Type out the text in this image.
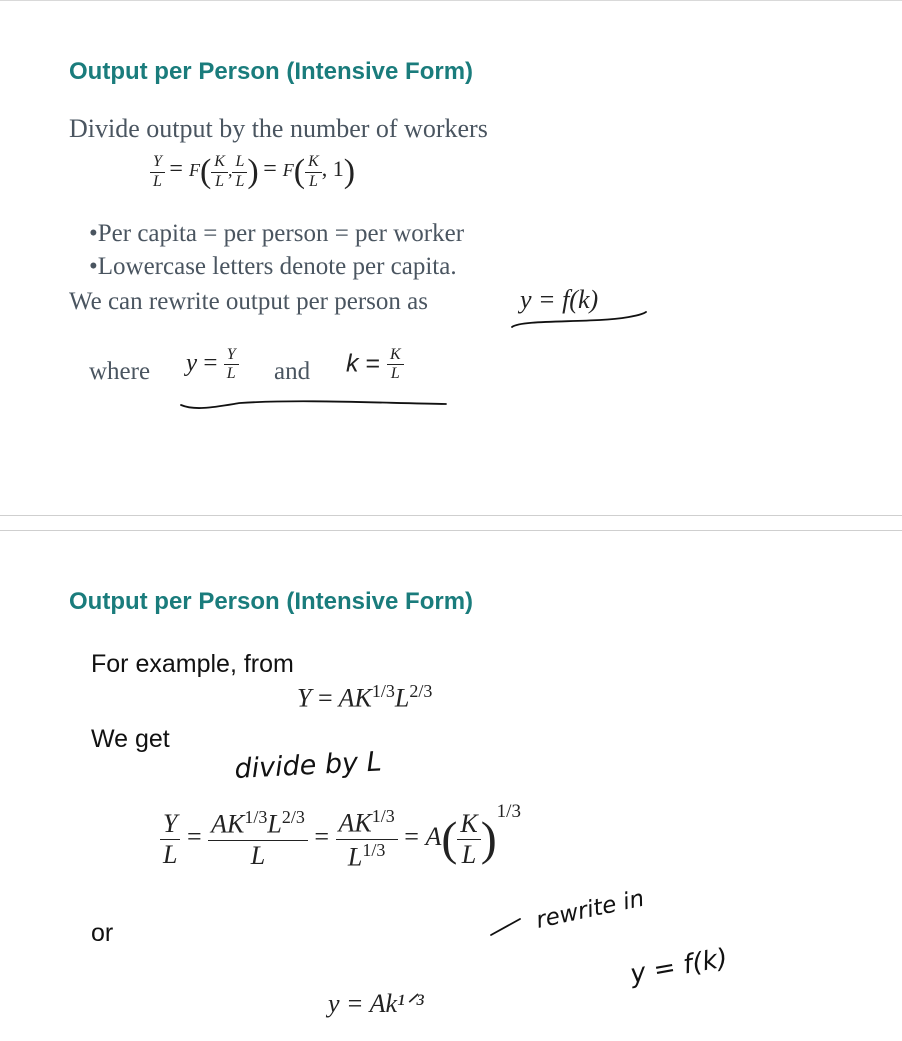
Output per Person (Intensive Form)
Divide output by the number of workers
$\frac{Y}{L} = F( \frac{K}{L}$ , $\frac{L}{L}$ ) = $F( \frac{K}{L}$ , 1)
•Per capita = per person = per worker
•Lowercase letters denote per capita.
We can rewrite output per person as	y = f(k)
where $y = \frac{Y}{L}$ and $k = \frac{K}{L}$
Output per Person (Intensive Form)
For example, from
$Y = AK^{1/3}L^{2/3}$
We get
$\frac{Y}{L} = \frac{AK^{1/3}L^{2/3}}{L} = \frac{AK^{1/3}}{L^{1/3}} = A( \frac{K}{L} )^{1/3}$
or
y = Ak¹ᐟ³
divide by L
rewrite in
y = f(k)
